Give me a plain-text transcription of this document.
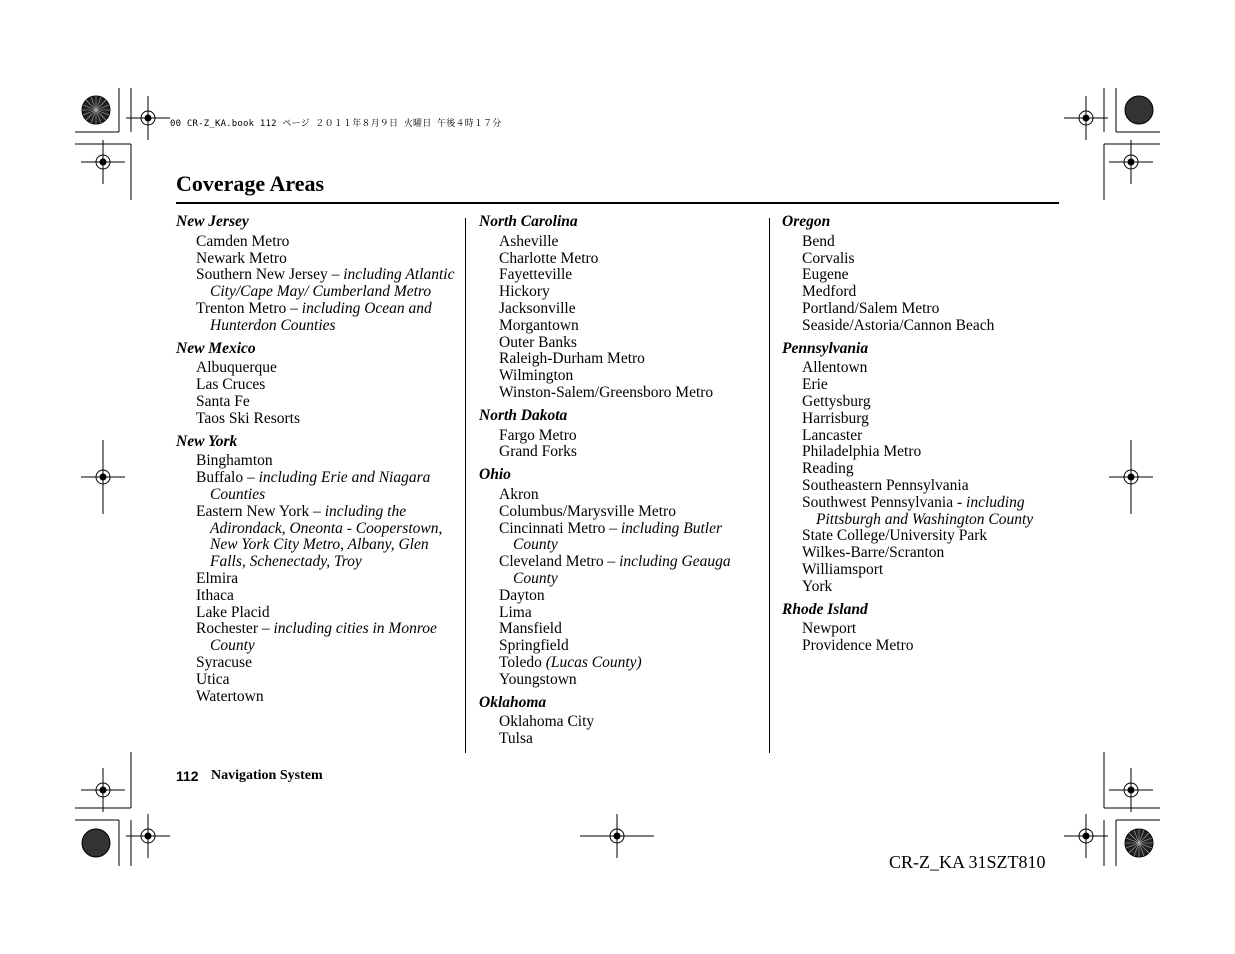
00 CR-Z_KA.book 112 ページ ２０１１年８月９日 火曜日 午後４時１７分
Coverage Areas
New Jersey
Camden Metro
Newark Metro
Southern New Jersey – including Atlantic City/Cape May/ Cumberland Metro
Trenton Metro – including Ocean and Hunterdon Counties
New Mexico
Albuquerque
Las Cruces
Santa Fe
Taos Ski Resorts
New York
Binghamton
Buffalo – including Erie and Niagara Counties
Eastern New York – including the Adirondack, Oneonta - Cooperstown, New York City Metro, Albany, Glen Falls, Schenectady, Troy
Elmira
Ithaca
Lake Placid
Rochester – including cities in Monroe County
Syracuse
Utica
Watertown
North Carolina
Asheville
Charlotte Metro
Fayetteville
Hickory
Jacksonville
Morgantown
Outer Banks
Raleigh-Durham Metro
Wilmington
Winston-Salem/Greensboro Metro
North Dakota
Fargo Metro
Grand Forks
Ohio
Akron
Columbus/Marysville Metro
Cincinnati Metro – including Butler County
Cleveland Metro – including Geauga County
Dayton
Lima
Mansfield
Springfield
Toledo (Lucas County)
Youngstown
Oklahoma
Oklahoma City
Tulsa
Oregon
Bend
Corvalis
Eugene
Medford
Portland/Salem Metro
Seaside/Astoria/Cannon Beach
Pennsylvania
Allentown
Erie
Gettysburg
Harrisburg
Lancaster
Philadelphia Metro
Reading
Southeastern Pennsylvania
Southwest Pennsylvania - including Pittsburgh and Washington County
State College/University Park
Wilkes-Barre/Scranton
Williamsport
York
Rhode Island
Newport
Providence Metro
112 Navigation System
CR-Z_KA 31SZT810
